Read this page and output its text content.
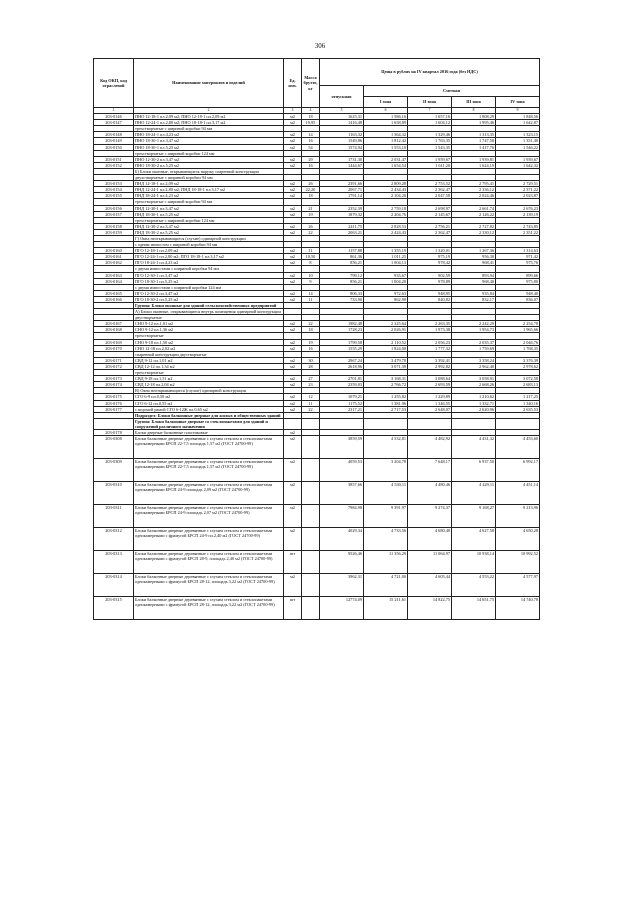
306
Код ОКП, код отраслевой	Наименование материалов и изделий	Ед. изм.	Масса брутто, кг	Цены в рублях на IV квартал 2016 года (без НДС)				
				отпускная	Сметная			
					I зона	II зона	III зона	IV зона
1	2	3	4	5	6	7	8	9
203-0146	ПНО 12-18-1 пл.2,09 м2; ПНО 12-18-1 пл.2,09 м2	м2	18	1625,31	1 586,16	1 657,16	1 808,29	1 848,56
203-0147	ПНО 12-24-1 пл.2,80 м2; ПНО 18-18-1 пл.3,17 м2	м2	19,95	1416,48	1 658,89	1 604,12	1 995,46	1 642,87
	трехстворчатые с шириной коробки 94 мм							
203-0148	ПНО 18-24-1 пл.4,23 м2	м2	14	1163,32	1 364,32	1 329,46	1 313,35	1 323,15
203-0149	ПНО 18-30-1 пл.3,47 м2	м2	16	1549,86	1 812,42	1 763,35	1 747,58	1 351,40
203-0150	ПНО 18-30-1 пл.5,25 м2	м2	54	1574,94	1 553,10	1 543,35	1 417,76	1 546,22
	трехстворчатые с шириной коробки 124 мм							
203-0151	ПНО 12-30-2 пл.3,47 м2	м2	29	1731,30	2 031,47	1 959,67	1 939,81	1 939,67
203-0152	ПНО 18-30-2 пл.5,25 м2	м2	16	1444,67	1 654,54	1 611,20	1 624,19	1 642,32
	Б) Блоки оконные, открывающиеся наружу спаренной конструкции							
	двухстворчатые с шириной коробки 94 мм							
203-0153	ПНД 12-18-1 пл.2,09 м2	м2	26	2391,66	2 809,28	2 753,52	2 795,41	2 729,51
203-0154	ПНД 12-24-1 пл.2,80 м2; ПНД 18-18-1 пл.3,17 м2	м2	22,20	2067,71	2 434,43	2 362,47	2 336,12	2 371,22
203-0155	ПНД 18-24-1 пл.4,23 м2	м2	18	1791,14	2 104,20	2 047,58	2 024,46	2 023,87
	трехстворчатые с шириной коробки 94 мм							
203-0156	ПНД 12-30-1 пл.3,47 м2	м2	21	2352,39	2 759,18	2 698,97	2 661,74	2 676,23
203-0157	ПНД 18-30-1 пл.5,25 м2	м2	19	1879,32	2 204,76	2 145,67	2 126,22	2 139,19
	трехстворчатые с шириной коробки 124 мм							
203-0158	ПНД 12-30-2 пл.3,47 м2	м2	26	2411,75	2 828,53	2 756,21	2 727,82	2 743,85
203-0159	ПНД 18-30-2 пл.5,25 м2	м2	22	2063,21	2 424,43	2 362,47	2 330,12	2 351,22
	Г) Окна неоткрывающиеся (глухие) одинарной конструкции							
	с одним импостом с шириной коробки 94 мм							
203-0160	ПГО 12-18-1 пл.2,09 м2	м2	11	1157,88	1 355,19	1 320,01	1 267,36	1 314,63
203-0161	ПГО 12-24-1 пл.2,80 м2; ПГО 18-18-1 пл.3,17 м2	м2	10,50	861,36	1 011,25	975,19	956,30	971,42
203-0162	ПГО 18-24-1 пл.4,23 м2	м2	8	856,21	1 004,13	978,42	968,41	975,76
	с двумя импостами с шириной коробки 94 мм							
203-0163	ПГО 12-30-1 пл.3,47 м2	м2	10	799,12	935,67	902,59	893,94	899,66
203-0164	ПГО 18-30-1 пл.5,25 м2	м2	9	856,21	1 004,20	978,89	968,40	975,80
	с двумя импостами с шириной коробки 124 мм							
203-0165	ПГО 12-30-2 пл.3,47 м2	м2	14	806,33	972,63	948,95	935,84	948,40
203-0166	ПГО 18-30-2 пл.5,25 м2	м2	11	733,90	862,90	840,82	832,17	836,07
	Группа: Блоки оконные для зданий сельскохозяйственных предприятий							
	А) Блоки оконные, открывающиеся внутрь помещения одинарной конструкции							
	двустворчатые							
203-0167	СНО 9-12 пл.1,01 м2	м2	22	1982,48	2 325,64	2 263,35	2 242,29	2 254,78
203-0168	СНО 9-12 пл.1,36 м2	м2	18	1728,23	2 026,91	1 973,38	1 954,73	1 965,66
	трехстворчатые							
203-0169	СНО 9-18 пл.1,50 м2	м2	19	1799,58	2 110,52	2 056,23	2 035,37	2 046,76
203-0170	СНО 12-18 пл.2,02 м2	м2	16	1555,29	1 824,00	1 777,32	1 759,69	1 768,35
	спаренной конструкции двустворчатые							
203-0171	СВД 9-12 пл.1,01 м2	м2	30	2967,24	3 479,70	3 392,41	3 358,24	3 376,39
203-0172	СВД 12-12 пл.1,34 м2	м2	28	2618,96	3 071,39	2 992,82	2 962,40	2 978,62
	трехстворчатые							
203-0173	СВД 9-18 пл.1,51 м2	м2	27	2701,81	3 168,31	3 088,64	3 058,91	3 072,58
203-0174	СВД 12-18 пл.2,04 м2	м2	23	2359,03	2 766,72	2 693,59	2 668,26	2 683,13
	В) Окна неоткрывающиеся (глухие) одинарной конструкции							
203-0175	СГО 6-9 пл.0,50 м2	м2	12	1079,21	1 255,82	1 229,89	1 210,62	1 217,25
203-0176	СГО 6-12 пл.0,55 м2	м2	11	1175,52	1 381,96	1 346,55	1 332,71	1 340,16
203-0177	с ведомой рамой СГО 6-12Ж пл.0,65 м2	м2	22	2317,21	2 717,53	2 648,07	2 620,96	2 635,53
	Подраздел: Блоки балконные дверные для жилых и общественных зданий							
	Группа: Блоки балконные дверные со стеклопакетами для зданий и сооружений различного назначения							
203-0178	Блоки дверные балконные пластиковые	м2						
203-0308	Блоки балконные дверные деревянные с глухим стеклом и стеклопакетами однокамерными БРСП 22-7,5 площадь 1,57 м2 (ГОСТ 24700-99)	м2		3859,59	4 532,81	4 482,92	4 431,32	4 453,60
203-0309	Блоки балконные дверные деревянные с глухим стеклом и стеклопакетами однокамерными БРСП 22-7,5 площадь 1,57 м2 (ГОСТ 24700-99)	м2		4059,53	3 204,78	7 648,17	6 937,50	6 992,17
203-0310	Блоки балконные дверные деревянные с глухим стеклом и стеклопакетами однокамерными БРСП 24-9 площадь 2,09 м2 (ГОСТ 24700-99)	м2		3857,66	4 530,11	4 480,46	4 429,11	4 451,14
203-0311	Блоки балконные дверные деревянные с глухим стеклом и стеклопакетами однокамерными БРСП 24-9 площадь 2,07 м2 (ГОСТ 24700-99)	м2		7984,98	9 391,97	9 274,37	9 168,27	9 213,96
203-0312	Блоки балконные дверные деревянные с глухим стеклом и стеклопакетами однокамерными с фрамугой БРСП 24-9 пл.2,40 м2 (ГОСТ 24700-99)	м2		4029,34	4 733,56	4 680,40	4 627,58	4 650,28
203-0313	Блоки балконные дверные деревянные с глухим стеклом и стеклопакетами однокамерными с фрамугой БРСП 28-9, площадь 2,40 м2 (ГОСТ 24700-99)	шт		9526,46	11 356,29	11 064,97	10 938,14	10 992,52
203-0314	Блоки балконные дверные деревянные с глухим стеклом и стеклопакетами однокамерными с фрамугой БРСП 28-12, площадь 3,22 м2 (ГОСТ 24700-99)	м2		3962,31	4 721,00	4 605,44	4 553,22	4 577,97
203-0315	Блоки балконные дверные деревянные с глухим стеклом и стеклопакетами однокамерными с фрамугой БРСП 28-12, площадь 3,22 м2 (ГОСТ 24700-99)	шт		12774,09	15 211,61	14 822,75	14 651,75	14 740,78
